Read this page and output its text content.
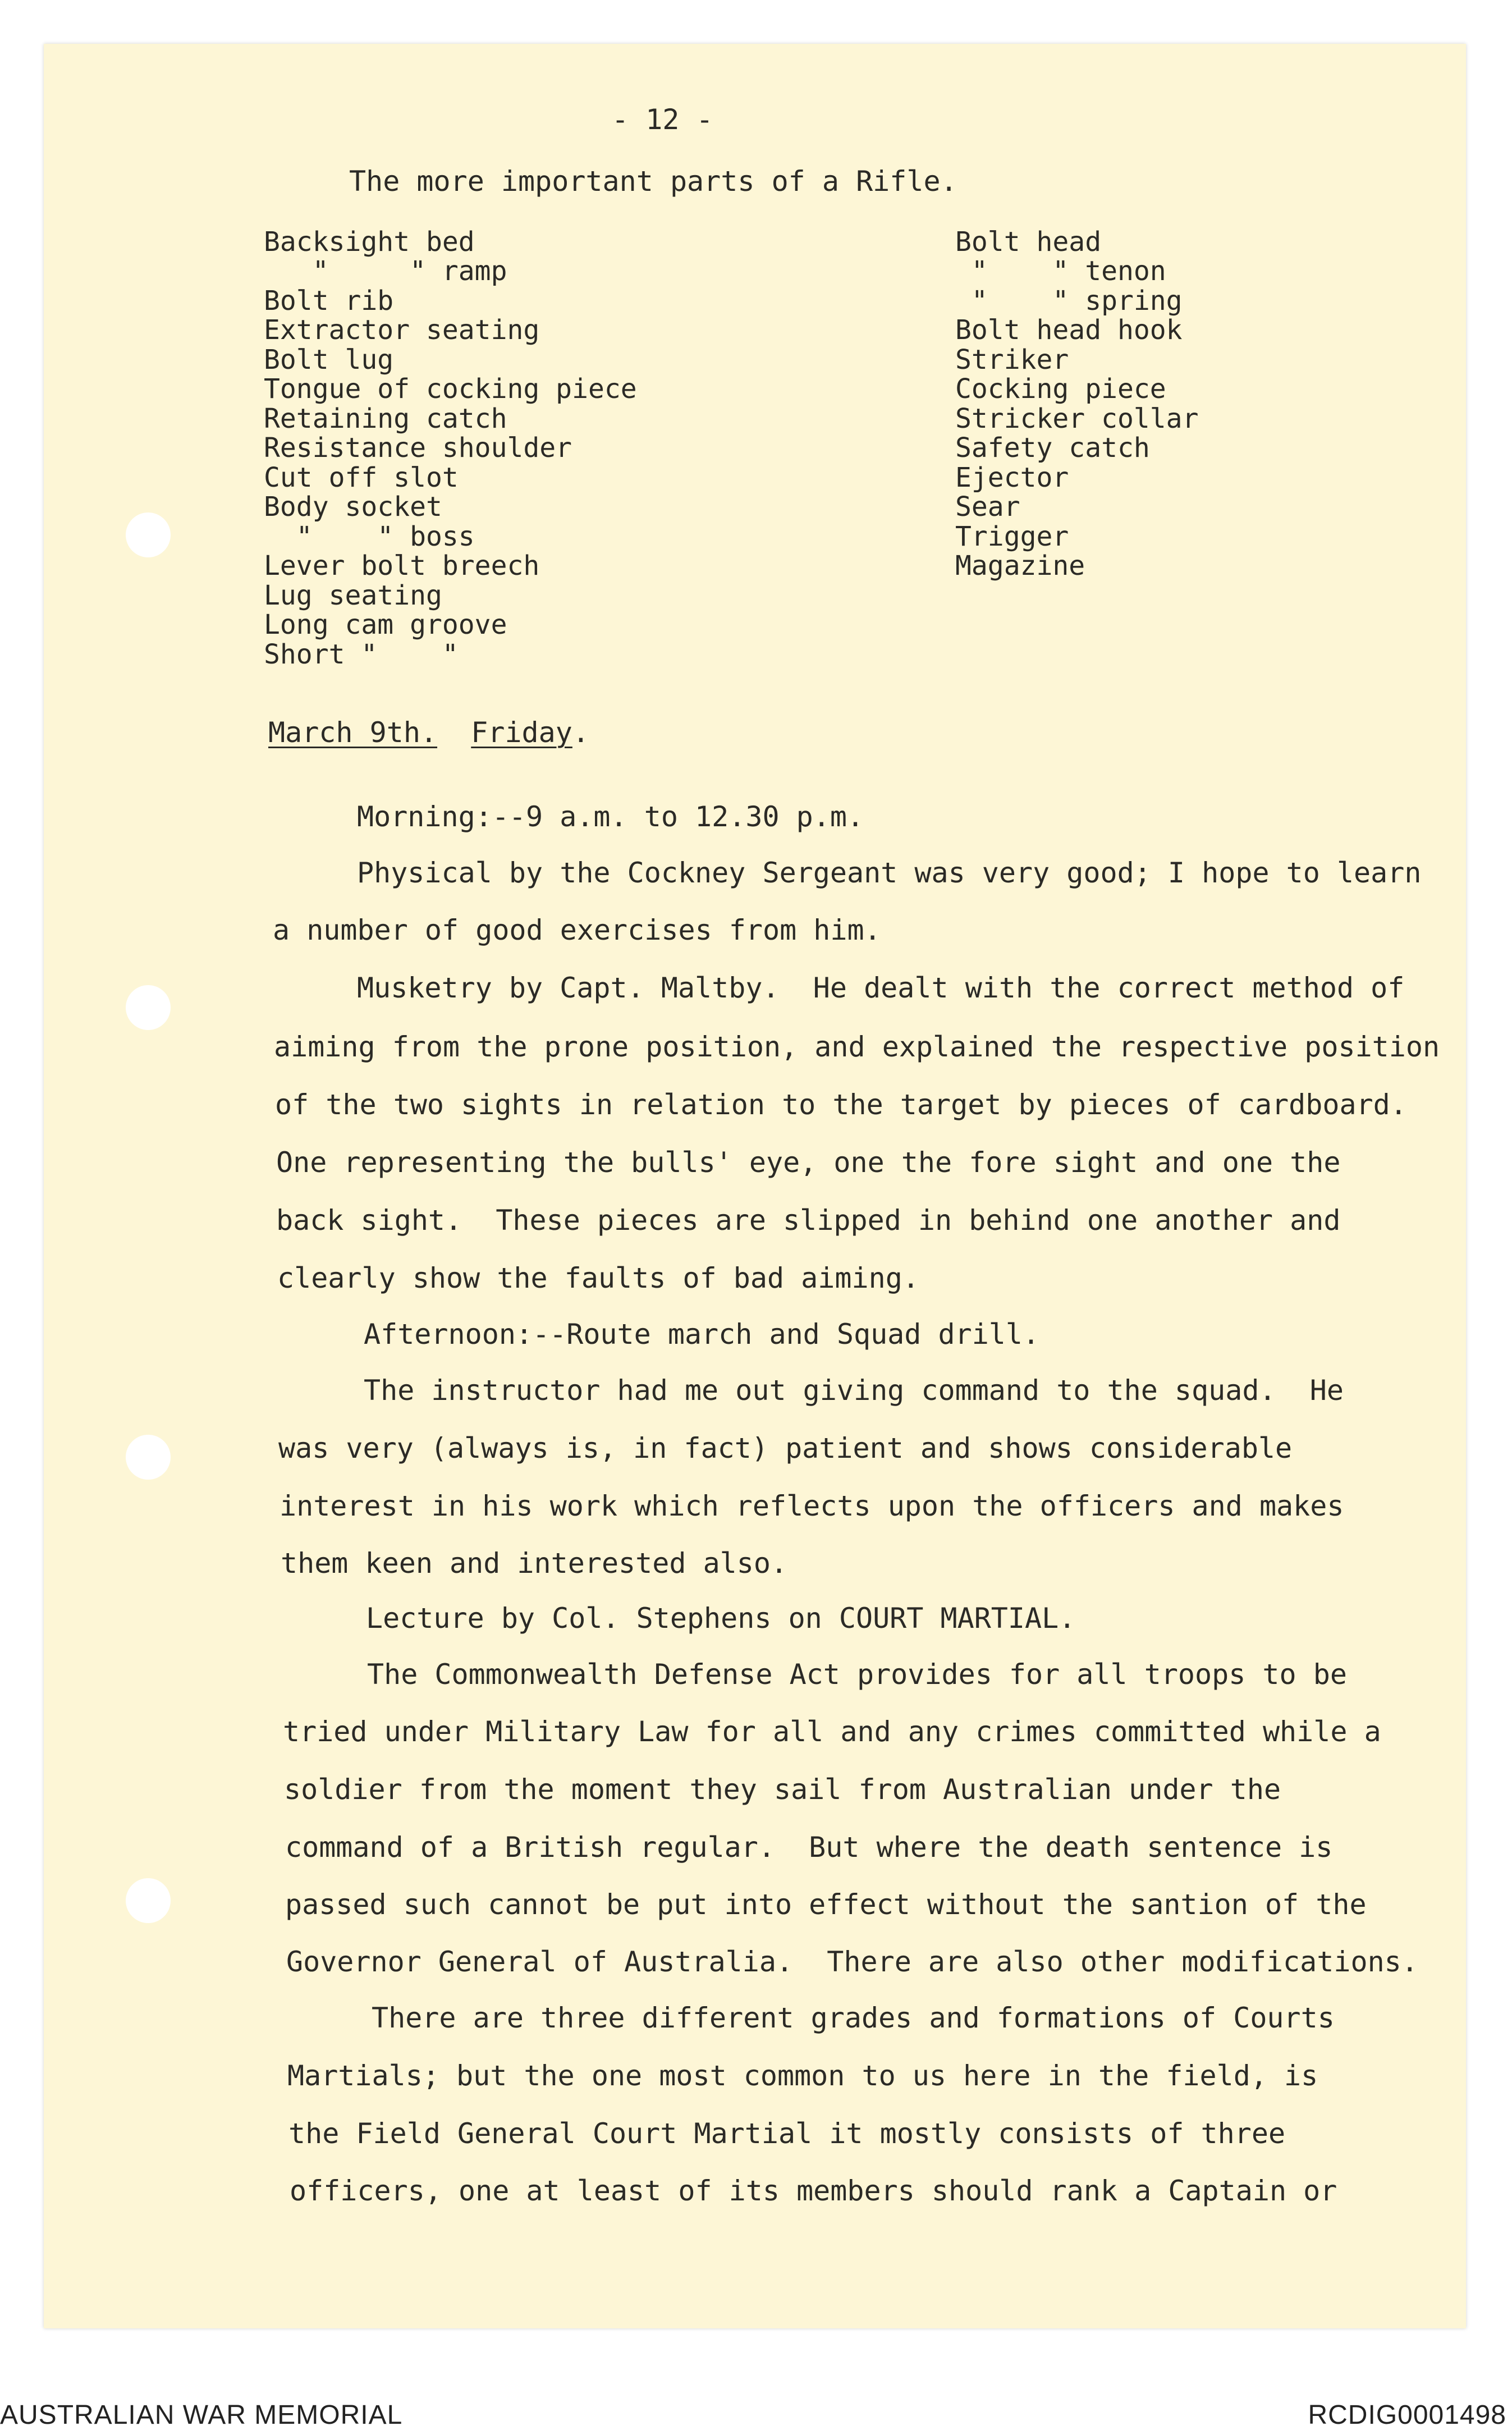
- 12 -
The more important parts of a Rifle.
Backsight bed
"     " ramp
Bolt rib
Extractor seating
Bolt lug
Tongue of cocking piece
Retaining catch
Resistance shoulder
Cut off slot
Body socket
"    " boss
Lever bolt breech
Lug seating
Long cam groove
Short "    "
Bolt head
"    " tenon
"    " spring
Bolt head hook
Striker
Cocking piece
Stricker collar
Safety catch
Ejector
Sear
Trigger
Magazine
March 9th. Friday.
Morning:--9 a.m. to 12.30 p.m.
Physical by the Cockney Sergeant was very good; I hope to learn
a number of good exercises from him.
Musketry by Capt. Maltby.  He dealt with the correct method of
aiming from the prone position, and explained the respective position
of the two sights in relation to the target by pieces of cardboard.
One representing the bulls' eye, one the fore sight and one the
back sight.  These pieces are slipped in behind one another and
clearly show the faults of bad aiming.
Afternoon:--Route march and Squad drill.
The instructor had me out giving command to the squad.  He
was very (always is, in fact) patient and shows considerable
interest in his work which reflects upon the officers and makes
them keen and interested also.
Lecture by Col. Stephens on COURT MARTIAL.
The Commonwealth Defense Act provides for all troops to be
tried under Military Law for all and any crimes committed while a
soldier from the moment they sail from Australian under the
command of a British regular.  But where the death sentence is
passed such cannot be put into effect without the santion of the
Governor General of Australia.  There are also other modifications.
There are three different grades and formations of Courts
Martials; but the one most common to us here in the field, is
the Field General Court Martial it mostly consists of three
officers, one at least of its members should rank a Captain or
AUSTRALIAN WAR MEMORIAL	RCDIG0001498
